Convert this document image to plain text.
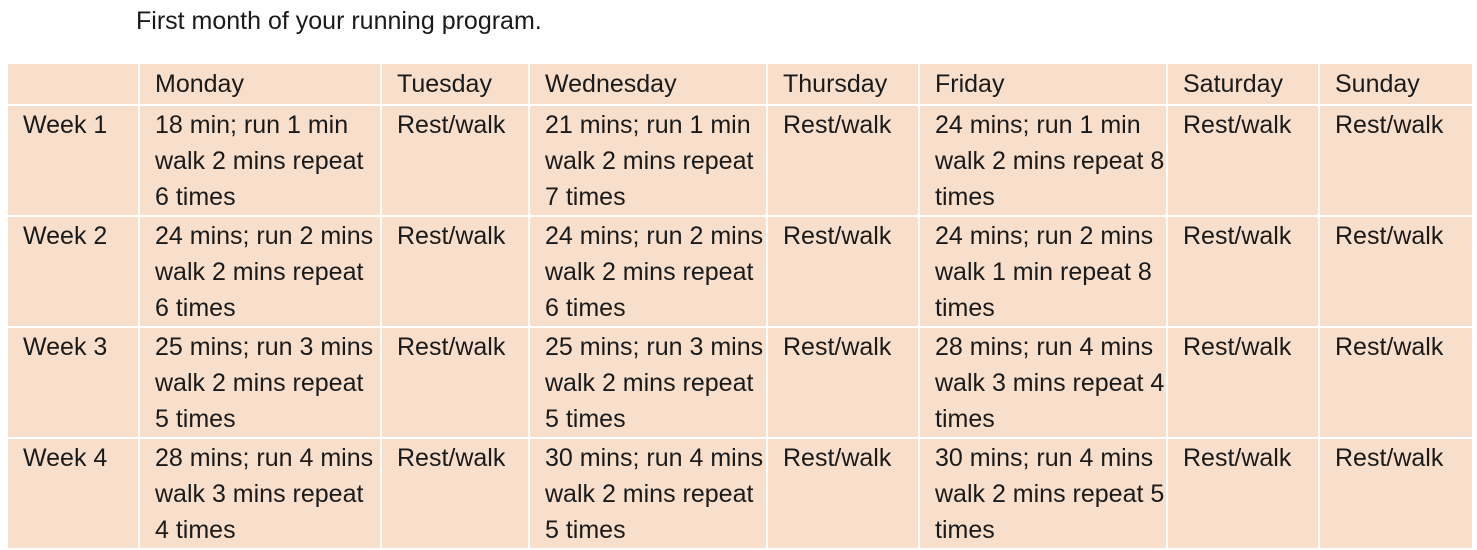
First month of your running program.
	Monday	Tuesday	Wednesday	Thursday	Friday	Saturday	Sunday
Week 1	18 min; run 1 min walk 2 mins repeat 6 times	Rest/walk	21 mins; run 1 min walk 2 mins repeat 7 times	Rest/walk	24 mins; run 1 min walk 2 mins repeat 8 times	Rest/walk	Rest/walk
Week 2	24 mins; run 2 mins walk 2 mins repeat 6 times	Rest/walk	24 mins; run 2 mins walk 2 mins repeat 6 times	Rest/walk	24 mins; run 2 mins walk 1 min repeat 8 times	Rest/walk	Rest/walk
Week 3	25 mins; run 3 mins walk 2 mins repeat 5 times	Rest/walk	25 mins; run 3 mins walk 2 mins repeat 5 times	Rest/walk	28 mins; run 4 mins walk 3 mins repeat 4 times	Rest/walk	Rest/walk
Week 4	28 mins; run 4 mins walk 3 mins repeat 4 times	Rest/walk	30 mins; run 4 mins walk 2 mins repeat 5 times	Rest/walk	30 mins; run 4 mins walk 2 mins repeat 5 times	Rest/walk	Rest/walk
